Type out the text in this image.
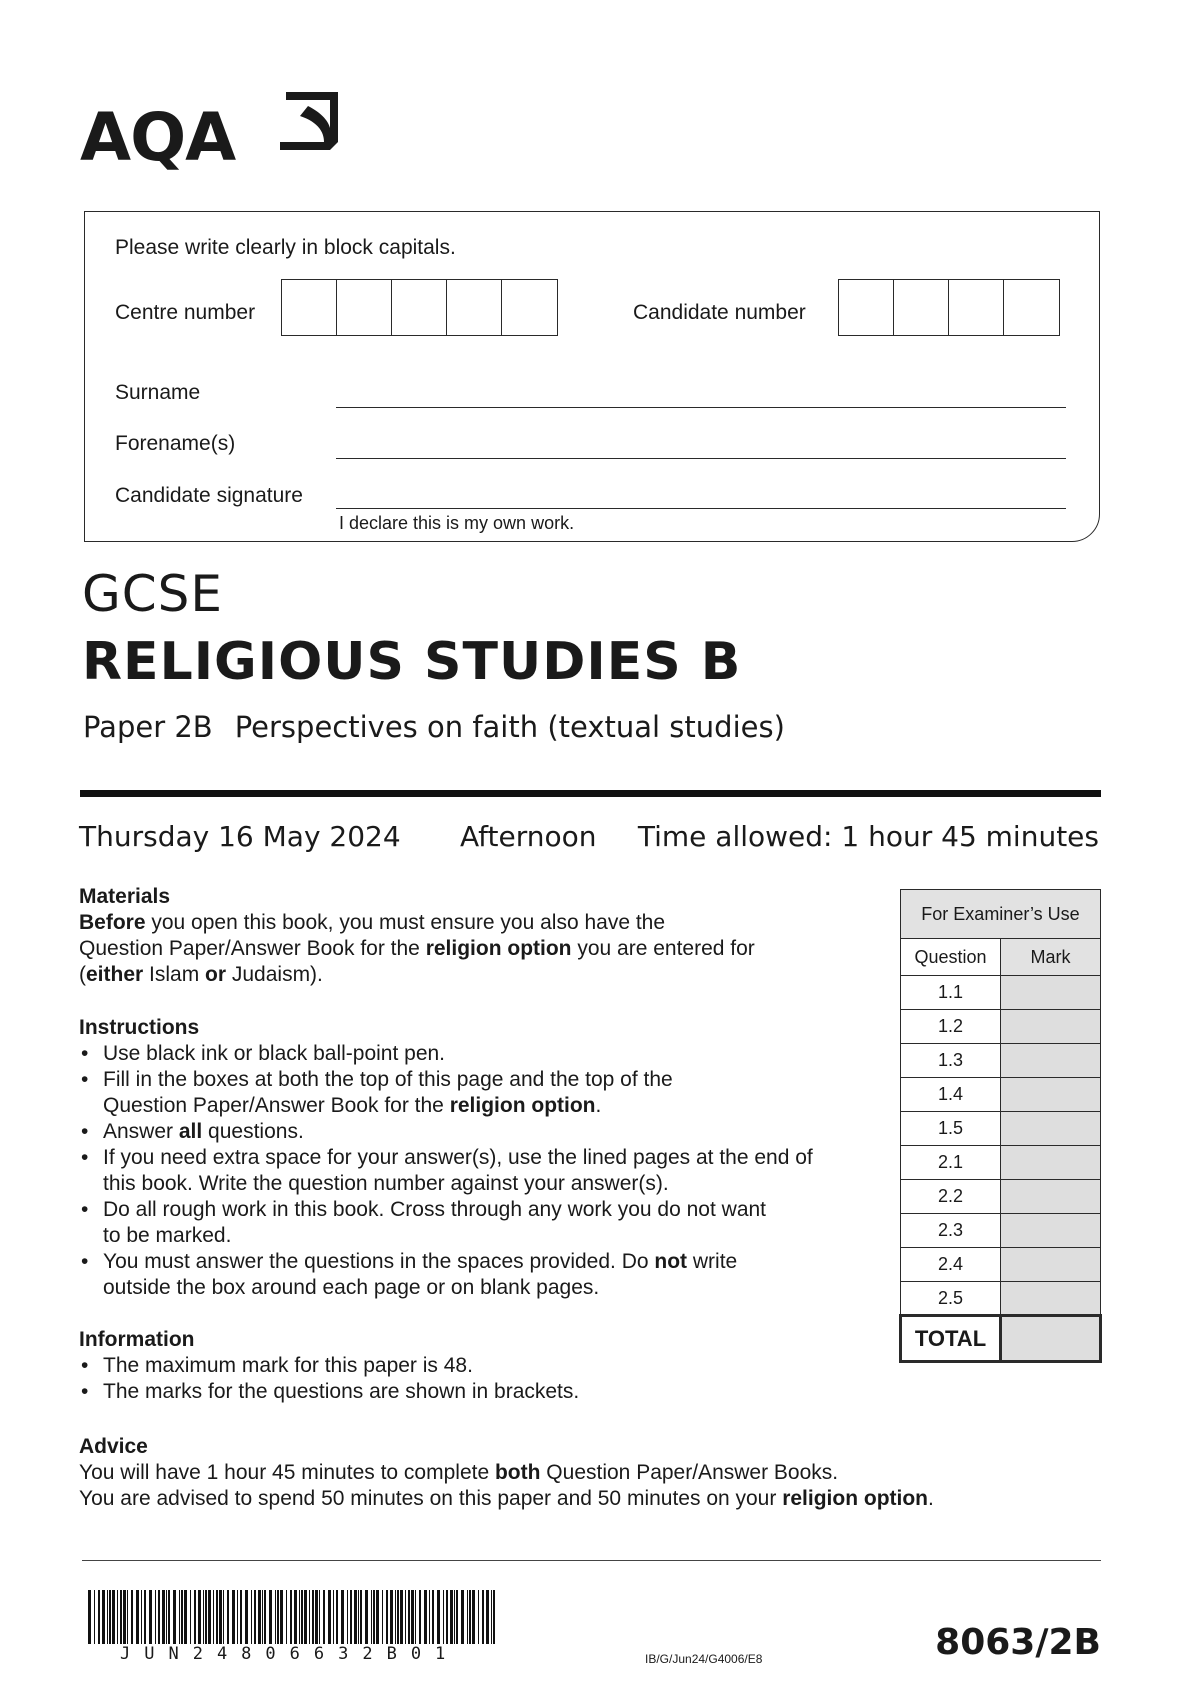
AQA
Please write clearly in block capitals.
Centre number	Candidate number
Surname
Forename(s)
Candidate signature
I declare this is my own work.
GCSE
RELIGIOUS STUDIES B
Paper 2B Perspectives on faith (textual studies)
Thursday 16 May 2024 Afternoon Time allowed: 1 hour 45 minutes
Materials

Before you open this book, you must ensure you also have the

Question Paper/Answer Book for the religion option you are entered for

(either Islam or Judaism).

Instructions
• Use black ink or black ball-point pen.
• Fill in the boxes at both the top of this page and the top of the
Question Paper/Answer Book for the religion option.
• Answer all questions.
• If you need extra space for your answer(s), use the lined pages at the end of
this book. Write the question number against your answer(s).
• Do all rough work in this book. Cross through any work you do not want
to be marked.
• You must answer the questions in the spaces provided. Do not write
outside the box around each page or on blank pages.
Information
• The maximum mark for this paper is 48.
• The marks for the questions are shown in brackets.
Advice

You will have 1 hour 45 minutes to complete both Question Paper/Answer Books.

You are advised to spend 50 minutes on this paper and 50 minutes on your religion option.

For Examiner’s Use	
Question	Mark
1.1	
1.2	
1.3	
1.4	
1.5	
2.1	
2.2	
2.3	
2.4	
2.5	
TOTAL	
JUN24806632B01	IB/G/Jun24/G4006/E8	8063/2B
